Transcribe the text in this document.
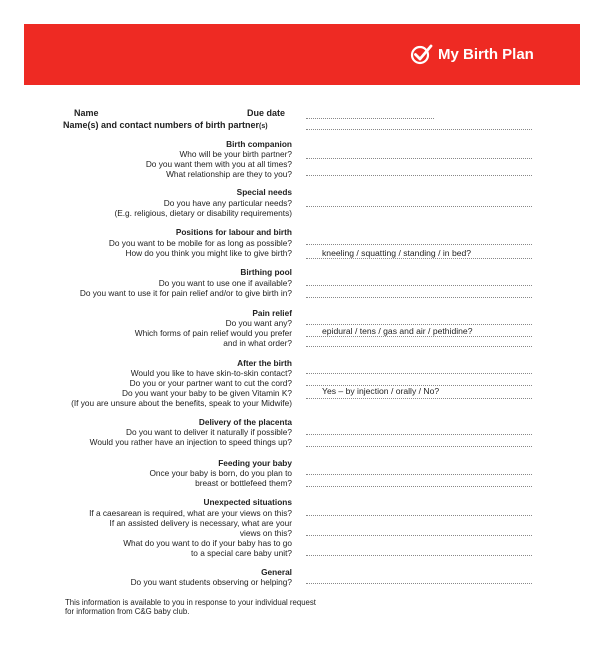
My Birth Plan
Name	Due date
Name(s) and contact numbers of birth partner(s)
Birth companion
Who will be your birth partner?
Do you want them with you at all times?
What relationship are they to you?
Special needs
Do you have any particular needs?
(E.g. religious, dietary or disability requirements)
Positions for labour and birth
Do you want to be mobile for as long as possible?
How do you think you might like to give birth?	kneeling / squatting / standing / in bed?
Birthing pool
Do you want to use one if available?
Do you want to use it for pain relief and/or to give birth in?
Pain relief
Do you want any?
Which forms of pain relief would you prefer	epidural / tens / gas and air / pethidine?
and in what order?
After the birth
Would you like to have skin-to-skin contact?
Do you or your partner want to cut the cord?
Do you want your baby to be given Vitamin K?	Yes – by injection / orally / No?
(If you are unsure about the benefits, speak to your Midwife)
Delivery of the placenta
Do you want to deliver it naturally if possible?
Would you rather have an injection to speed things up?
Feeding your baby
Once your baby is born, do you plan to
breast or bottlefeed them?
Unexpected situations
If a caesarean is required, what are your views on this?
If an assisted delivery is necessary, what are your
views on this?
What do you want to do if your baby has to go
to a special care baby unit?
General
Do you want students observing or helping?
This information is available to you in response to your individual request
for information from C&G baby club.
